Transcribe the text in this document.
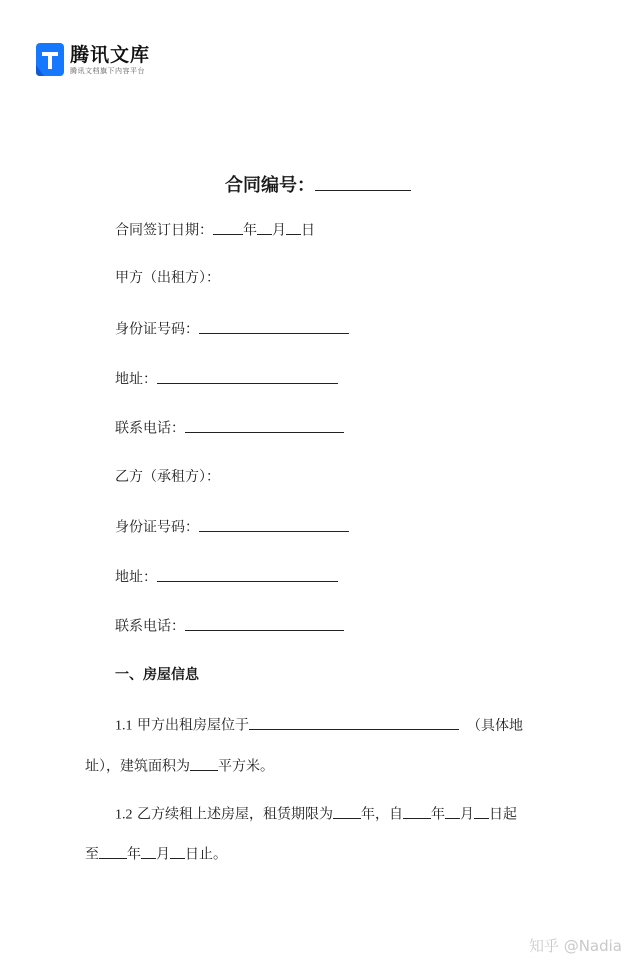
腾讯文库
腾讯文档旗下内容平台
合同编号：
合同签订日期： 年 月 日
甲方（出租方）：
身份证号码：
地址：
联系电话：
乙方（承租方）：
身份证号码：
地址：
联系电话：
一、房屋信息
1.1 甲方出租房屋位于	（具体地
址），建筑面积为 平方米。
1.2 乙方续租上述房屋，租赁期限为 年，自 年 月 日起
至 年 月 日止。
知乎 @Nadia
